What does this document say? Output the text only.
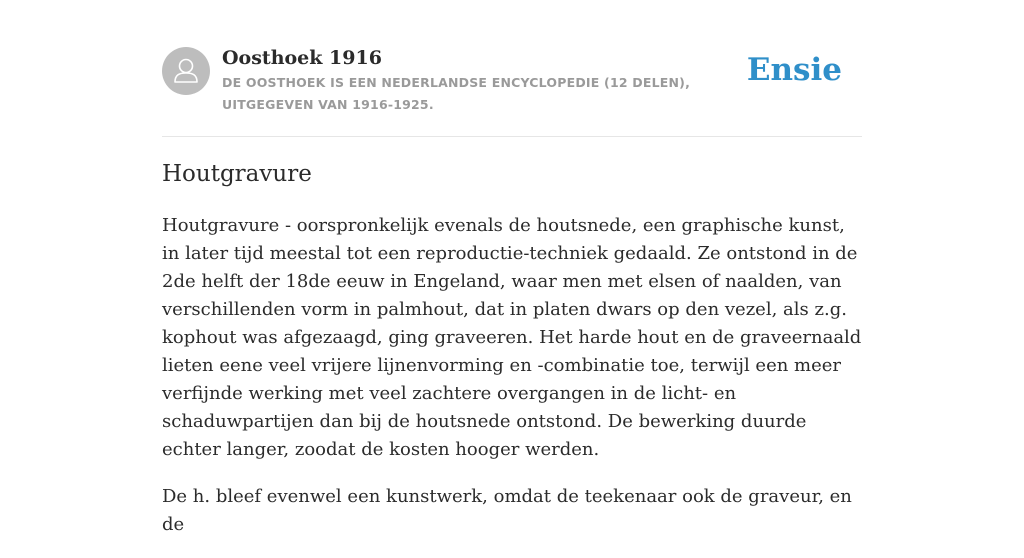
Oosthoek 1916

DE OOSTHOEK IS EEN NEDERLANDSE ENCYCLOPEDIE (12 DELEN), UITGEGEVEN VAN 1916-1925.

Ensie
Houtgravure

Houtgravure - oorspronkelijk evenals de houtsnede, een graphische kunst, in later tijd meestal tot een reproductie-techniek gedaald. Ze ontstond in de 2de helft der 18de eeuw in Engeland, waar men met elsen of naalden, van verschillenden vorm in palmhout, dat in platen dwars op den vezel, als z.g. kophout was afgezaagd, ging graveeren. Het harde hout en de graveernaald lieten eene veel vrijere lijnenvorming en -combinatie toe, terwijl een meer verfijnde werking met veel zachtere overgangen in de licht- en schaduwpartijen dan bij de houtsnede ontstond. De bewerking duurde echter langer, zoodat de kosten hooger werden.

De h. bleef evenwel een kunstwerk, omdat de teekenaar ook de graveur, en de
